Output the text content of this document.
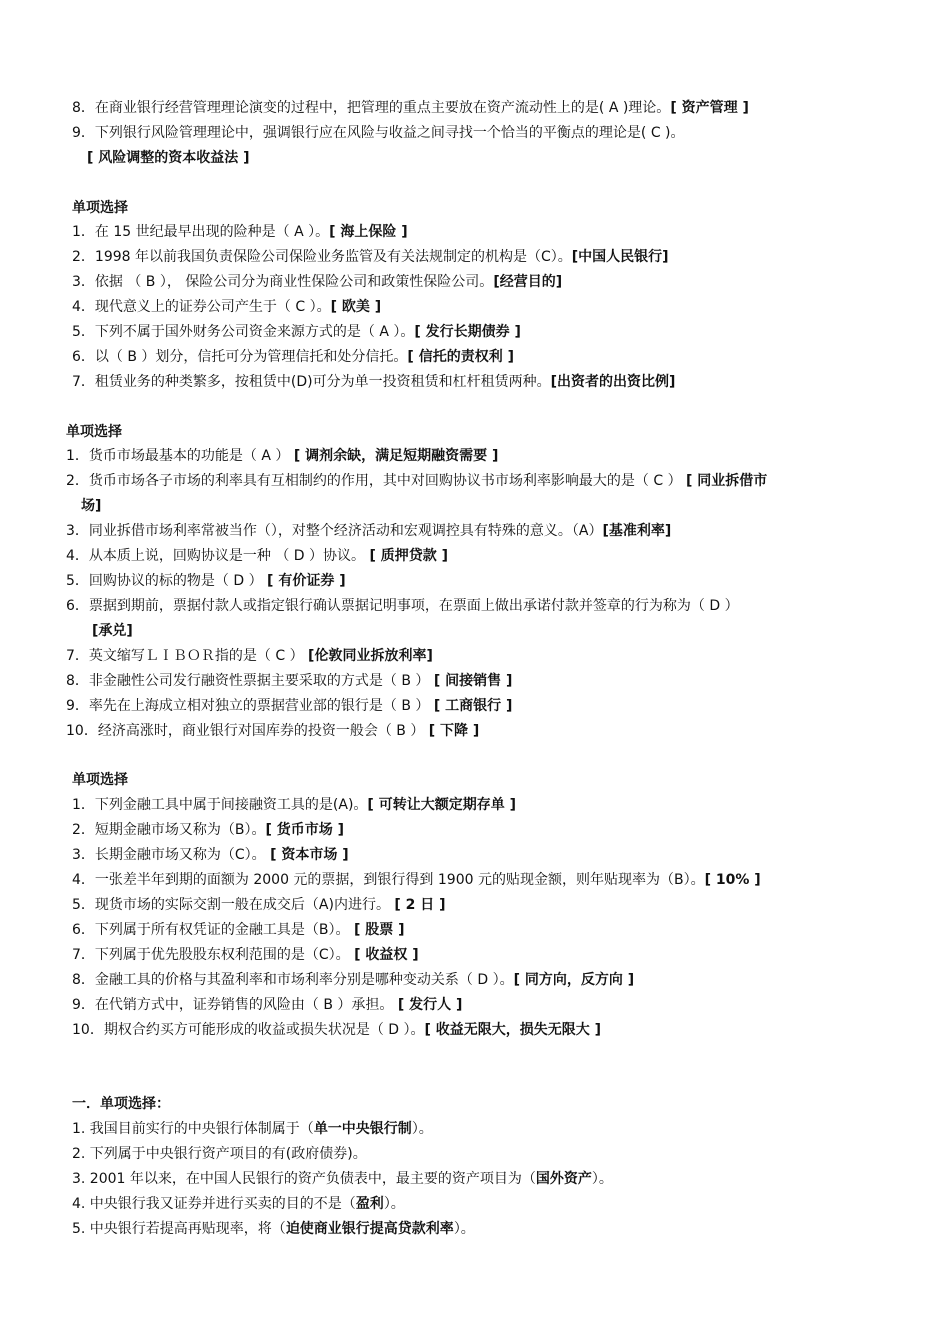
8．在商业银行经营管理理论演变的过程中，把管理的重点主要放在资产流动性上的是( A )理论。[ 资产管理 ]
9．下列银行风险管理理论中，强调银行应在风险与收益之间寻找一个恰当的平衡点的理论是( C )。
[ 风险调整的资本收益法 ]
单项选择
1．在 15 世纪最早出现的险种是（ A ）。[ 海上保险 ]
2．1998 年以前我国负责保险公司保险业务监管及有关法规制定的机构是（C）。[中国人民银行]
3．依据 （ B ）， 保险公司分为商业性保险公司和政策性保险公司。[经营目的]
4．现代意义上的证券公司产生于（ C ）。[ 欧美 ]
5．下列不属于国外财务公司资金来源方式的是（ A ）。[ 发行长期债券 ]
6．以（ B ）划分，信托可分为管理信托和处分信托。[ 信托的责权利 ]
7．租赁业务的种类繁多，按租赁中(D)可分为单一投资租赁和杠杆租赁两种。[出资者的出资比例]
单项选择
1．货币市场最基本的功能是（ A ） [ 调剂余缺，满足短期融资需要 ]
2．货币市场各子市场的利率具有互相制约的作用，其中对回购协议书市场利率影响最大的是（ C ） [ 同业拆借市
场]
3．同业拆借市场利率常被当作（），对整个经济活动和宏观调控具有特殊的意义。（A）[基准利率]
4．从本质上说，回购协议是一种 （ D ）协议。 [ 质押贷款 ]
5．回购协议的标的物是（ D ） [ 有价证券 ]
6．票据到期前，票据付款人或指定银行确认票据记明事项，在票面上做出承诺付款并签章的行为称为（ D ）
[承兑]
7．英文缩写ＬＩＢＯＲ指的是（ C ） [伦敦同业拆放利率]
8．非金融性公司发行融资性票据主要采取的方式是（ B ） [ 间接销售 ]
9．率先在上海成立相对独立的票据营业部的银行是（ B ） [ 工商银行 ]
10．经济高涨时，商业银行对国库券的投资一般会（ B ） [ 下降 ]
单项选择
1．下列金融工具中属于间接融资工具的是(A)。[ 可转让大额定期存单 ]
2．短期金融市场又称为（B）。[ 货币市场 ]
3．长期金融市场又称为（C）。 [ 资本市场 ]
4．一张差半年到期的面额为 2000 元的票据，到银行得到 1900 元的贴现金额，则年贴现率为（B）。[ 10% ]
5．现货市场的实际交割一般在成交后（A)内进行。 [ 2 日 ]
6．下列属于所有权凭证的金融工具是（B）。 [ 股票 ]
7．下列属于优先股股东权利范围的是（C）。 [ 收益权 ]
8．金融工具的价格与其盈利率和市场利率分别是哪种变动关系（ D ）。[ 同方向，反方向 ]
9．在代销方式中，证券销售的风险由（ B ）承担。 [ 发行人 ]
10．期权合约买方可能形成的收益或损失状况是（ D ）。[ 收益无限大，损失无限大 ]
一．单项选择：
1. 我国目前实行的中央银行体制属于（单一中央银行制）。
2. 下列属于中央银行资产项目的有(政府债券)。
3. 2001 年以来，在中国人民银行的资产负债表中，最主要的资产项目为（国外资产）。
4. 中央银行我又证券并进行买卖的目的不是（盈利）。
5. 中央银行若提高再贴现率，将（迫使商业银行提高贷款利率）。
